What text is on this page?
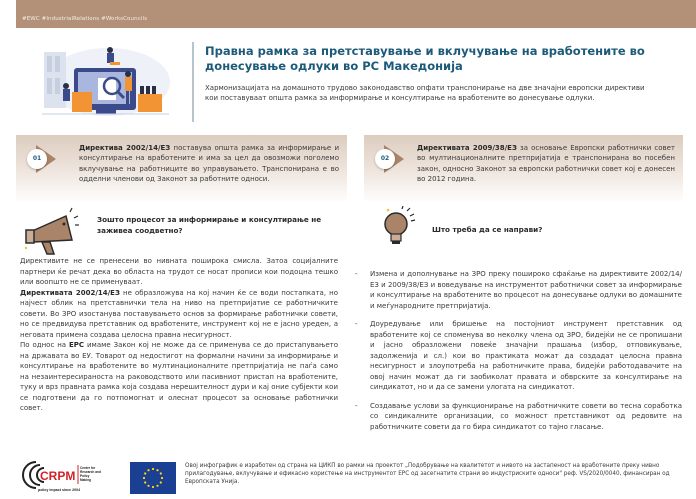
#EWC #IndustrialRelations #WorksCouncils
Правна рамка за претставување и вклучување на вработените во донесување одлуки во РС Македонија

Хармонизацијата на домашното трудово законодавство опфати транспонирање на две значајни европски директиви кои поставуваат општа рамка за информирање и консултирање на вработените во донесување одлуки.

01

Директива 2002/14/ЕЗ поставува општа рамка за информирање и консултирање на вработените и има за цел да овозможи поголемо вклучување на работниците во управувањето. Транспонирана е во одделни членови од Законот за работните односи.

02

Директивата 2009/38/ЕЗ за основање Европски работнички совет во мултинационалните претпријатија е транспонирана во посебен закон, односно Законот за европски работнички совет кој е донесен во 2012 година.

Зошто процесот за информирање и консултирање не заживеа соодветно?

Директивите не се пренесени во нивната поширока смисла. Затоа социјалните партнери ќе речат дека во областа на трудот се носат прописи кои подоцна тешко или воопшто не се применуваат.

Директивата 2002/14/ЕЗ не образложува на кој начин ќе се води постапката, но најчест облик на претставнички тела на ниво на претпријатие се работничките совети. Во ЗРО изостанува поставувањето основ за формирање работнички совети, но се предвидува претставник од вработените, инструмент кој не е јасно уреден, а неговата примена создава целосна правна несигурност.

По однос на ЕРС имаме Закон кој не може да се применува се до пристапувањето на државата во ЕУ. Товарот од недостигот на формални начини за информирање и консултирање на вработените во мултинационалните претпријатија не паѓа само на незаинтересираноста на раководството или пасивниот пристап на вработените, туку и врз правната рамка која создава нерешителност дури и кај оние субјекти кои се подготвени да го потпомогнат и олеснат процесот за основање работнички совет.

Што треба да се направи?
- Измена и дополнување на ЗРО преку пошироко сфаќање на директивите 2002/14/ЕЗ и 2009/38/ЕЗ и воведување на инструментот работнички совет за информирање и консултирање на вработените во процесот на донесување одлуки во домашните и меѓународните претпријатија.
- Доуредување или бришење на постојниот инструмент претставник од вработените кој се споменува во неколку члена од ЗРО, бидејќи не се пропишани и јасно образложени повеќе значајни прашања (избор, отповикување, задолженија и сл.) кои во практиката можат да создадат целосна правна несигурност и злоупотреба на работничките права, бидејќи работодавачите на овој начин можат да ги заобиколат правата и обврските за консултирање на синдикатот, но и да се замени улогата на синдикатот.
- Создавање услови за функционирање на работничките совети во тесна соработка со синдикалните организации, со можност претставникот од редовите на работничките совети да го бира синдикатот со тајно гласање.
CRPM
Center for
Research and
Policy
Making
policy impact since 2004

Овој инфографик е изработен од страна на ЦИКП во рамки на проектот „Подобрување на квалитетот и нивото на застапеност на вработените преку нивно прилагодување, вклучување и ефикасно користење на инструментот ЕРС од засегнатите страни во индустриските односи" реф. VS/2020/0040, финансиран од Европската Унија.
